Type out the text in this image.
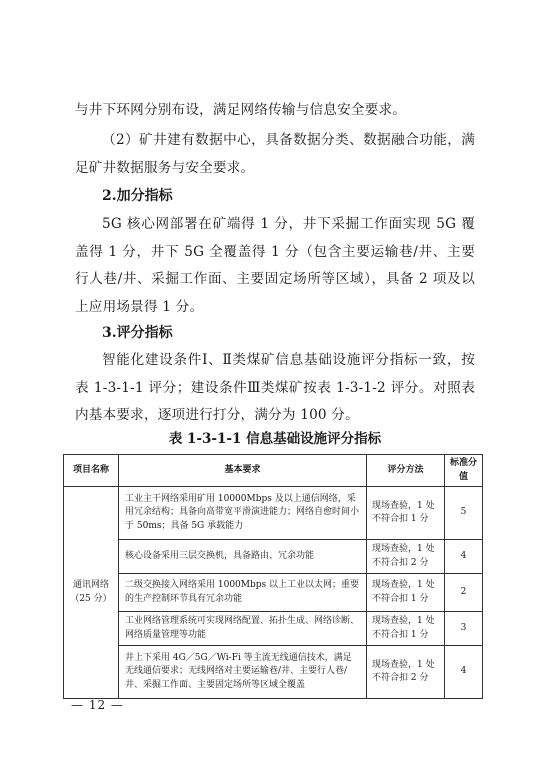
与井下环网分别布设，满足网络传输与信息安全要求。

（2）矿井建有数据中心，具备数据分类、数据融合功能，满足矿井数据服务与安全要求。

2.加分指标

5G 核心网部署在矿端得 1 分，井下采掘工作面实现 5G 覆盖得 1 分，井下 5G 全覆盖得 1 分（包含主要运输巷/井、主要行人巷/井、采掘工作面、主要固定场所等区域），具备 2 项及以上应用场景得 1 分。

3.评分指标

智能化建设条件Ⅰ、Ⅱ类煤矿信息基础设施评分指标一致，按表 1-3-1-1 评分；建设条件Ⅲ类煤矿按表 1-3-1-2 评分。对照表内基本要求，逐项进行打分，满分为 100 分。

表 1-3-1-1 信息基础设施评分指标

项目名称	基本要求	评分方法	标准分值
通讯网络（25 分）	工业主干网络采用矿用 10000Mbps 及以上通信网络，采用冗余结构；具备向高带宽平滑演进能力；网络自愈时间小于 50ms；具备 5G 承载能力	现场查验，1 处不符合扣 1 分	5
	核心设备采用三层交换机，具备路由、冗余功能	现场查验，1 处不符合扣 2 分	4
	二级交换接入网络采用 1000Mbps 以上工业以太网；重要的生产控制环节具有冗余功能	现场查验，1 处不符合扣 1 分	2
	工业网络管理系统可实现网络配置、拓扑生成、网络诊断、网络质量管理等功能	现场查验，1 处不符合扣 1 分	3
	井上下采用 4G／5G／Wi-Fi 等主流无线通信技术，满足无线通信要求；无线网络对主要运输巷/井、主要行人巷/井、采掘工作面、主要固定场所等区域全覆盖	现场查验，1 处不符合扣 2 分	4
— 12 —
